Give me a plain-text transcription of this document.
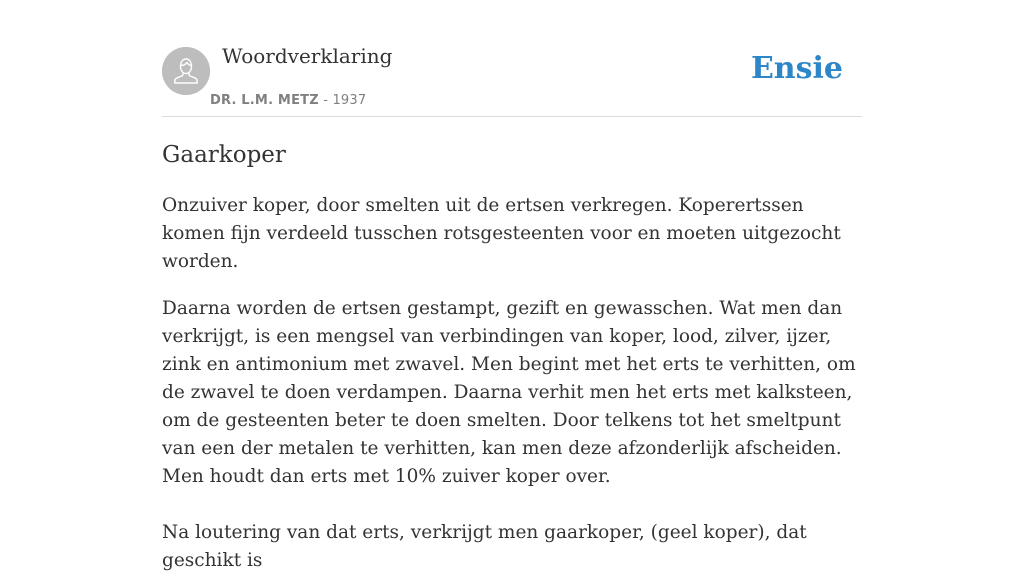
Woordverklaring
DR. L.M. METZ - 1937
Ensie
Gaarkoper

Onzuiver koper, door smelten uit de ertsen verkregen. Koperertssen komen fijn verdeeld tusschen rotsgesteenten voor en moeten uitgezocht worden.

Daarna worden de ertsen gestampt, gezift en gewasschen. Wat men dan verkrijgt, is een mengsel van verbindingen van koper, lood, zilver, ijzer, zink en antimonium met zwavel. Men begint met het erts te verhitten, om de zwavel te doen verdampen. Daarna verhit men het erts met kalksteen, om de gesteenten beter te doen smelten. Door telkens tot het smeltpunt van een der metalen te verhitten, kan men deze afzonderlijk afscheiden. Men houdt dan erts met 10% zuiver koper over.

Na loutering van dat erts, verkrijgt men gaarkoper, (geel koper), dat geschikt is
